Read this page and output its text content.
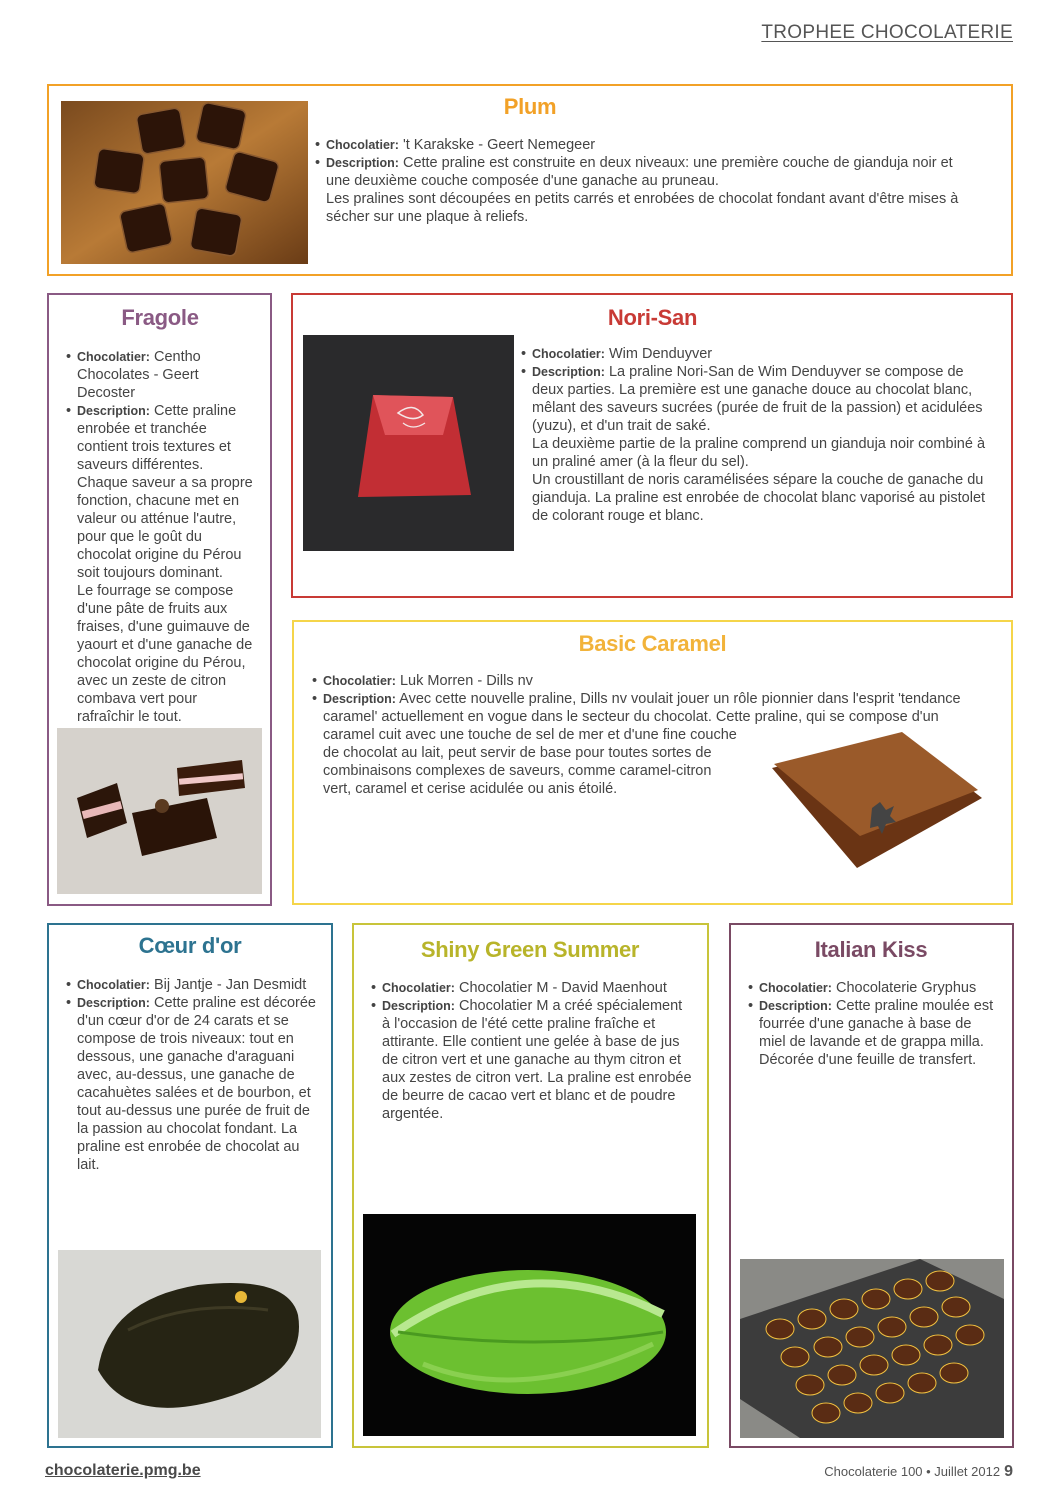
TROPHEE CHOCOLATERIE
Plum
• Chocolatier: 't Karakske - Geert Nemegeer
• Description: Cette praline est construite en deux niveaux: une première couche de gianduja noir et une deuxième couche composée d'une ganache au pruneau.

Les pralines sont découpées en petits carrés et enrobées de chocolat fondant avant d'être mises à sécher sur une plaque à reliefs.

Fragole
• Chocolatier: Centho Chocolates - Geert Decoster
• Description: Cette praline enrobée et tranchée contient trois textures et saveurs différentes. Chaque saveur a sa propre fonction, chacune met en valeur ou atténue l'autre, pour que le goût du chocolat origine du Pérou soit toujours dominant.

Le fourrage se compose d'une pâte de fruits aux fraises, d'une guimauve de yaourt et d'une ganache de chocolat origine du Pérou, avec un zeste de citron combava vert pour rafraîchir le tout.

Nori-San
• Chocolatier: Wim Denduyver
• Description: La praline Nori-San de Wim Denduyver se compose de deux parties. La première est une ganache douce au chocolat blanc, mêlant des saveurs sucrées (purée de fruit de la passion) et acidulées (yuzu), et d'un trait de saké.

La deuxième partie de la praline comprend un gianduja noir combiné à un praliné amer (à la fleur du sel).

Un croustillant de noris caramélisées sépare la couche de ganache du gianduja. La praline est enrobée de chocolat blanc vaporisé au pistolet de colorant rouge et blanc.

Basic Caramel
• Chocolatier: Luk Morren - Dills nv
• Description: Avec cette nouvelle praline, Dills nv voulait jouer un rôle pionnier dans l'esprit 'tendance caramel' actuellement en vogue dans le secteur du chocolat. Cette praline, qui se compose d'un

caramel cuit avec une touche de sel de mer et d'une fine couche de chocolat au lait, peut servir de base pour toutes sortes de combinaisons complexes de saveurs, comme caramel-citron vert, caramel et cerise acidulée ou anis étoilé.

Cœur d'or
• Chocolatier: Bij Jantje - Jan Desmidt
• Description: Cette praline est décorée d'un cœur d'or de 24 carats et se compose de trois niveaux: tout en dessous, une ganache d'araguani avec, au-dessus, une ganache de cacahuètes salées et de bourbon, et tout au-dessus une purée de fruit de la passion au chocolat fondant. La praline est enrobée de chocolat au lait.
Shiny Green Summer
• Chocolatier: Chocolatier M - David Maenhout
• Description: Chocolatier M a créé spécialement à l'occasion de l'été cette praline fraîche et attirante. Elle contient une gelée à base de jus de citron vert et une ganache au thym citron et aux zestes de citron vert. La praline est enrobée de beurre de cacao vert et blanc et de poudre argentée.
Italian Kiss
• Chocolatier: Chocolaterie Gryphus
• Description: Cette praline moulée est fourrée d'une ganache à base de miel de lavande et de grappa milla. Décorée d'une feuille de transfert.
chocolaterie.pmg.be	Chocolaterie 100 • Juillet 2012 9
